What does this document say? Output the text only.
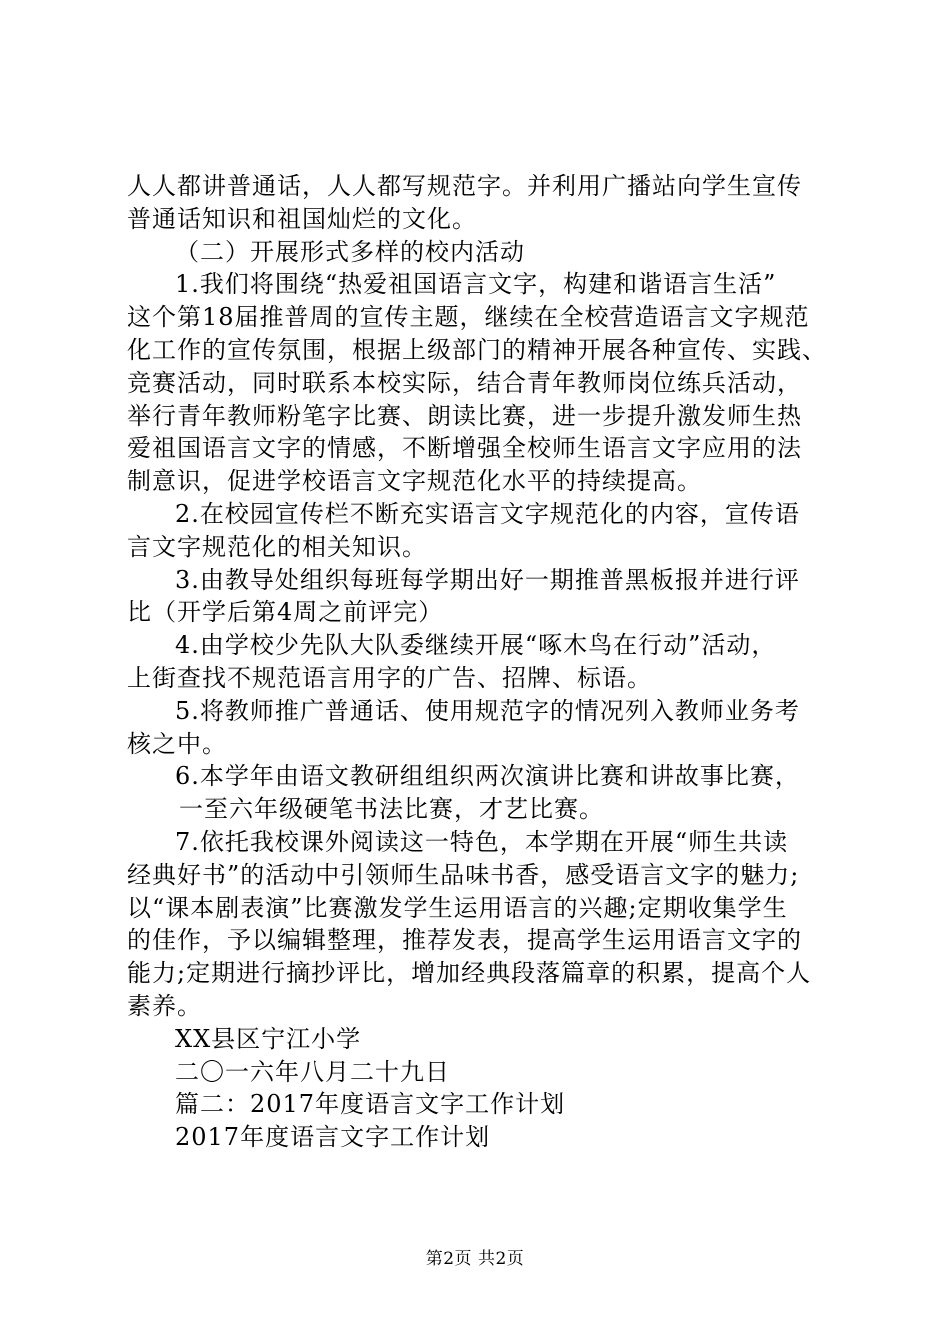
人人都讲普通话，人人都写规范字。并利用广播站向学生宣传
普通话知识和祖国灿烂的文化。
（二）开展形式多样的校内活动
1.我们将围绕“热爱祖国语言文字，构建和谐语言生活”
这个第18届推普周的宣传主题，继续在全校营造语言文字规范
化工作的宣传氛围，根据上级部门的精神开展各种宣传、实践、
竞赛活动，同时联系本校实际，结合青年教师岗位练兵活动，
举行青年教师粉笔字比赛、朗读比赛，进一步提升激发师生热
爱祖国语言文字的情感，不断增强全校师生语言文字应用的法
制意识，促进学校语言文字规范化水平的持续提高。
2.在校园宣传栏不断充实语言文字规范化的内容，宣传语
言文字规范化的相关知识。
3.由教导处组织每班每学期出好一期推普黑板报并进行评
比（开学后第4周之前评完）
4.由学校少先队大队委继续开展“啄木鸟在行动”活动，
上街查找不规范语言用字的广告、招牌、标语。
5.将教师推广普通话、使用规范字的情况列入教师业务考
核之中。
6.本学年由语文教研组组织两次演讲比赛和讲故事比赛，
一至六年级硬笔书法比赛，才艺比赛。
7.依托我校课外阅读这一特色，本学期在开展“师生共读
经典好书”的活动中引领师生品味书香，感受语言文字的魅力;
以“课本剧表演”比赛激发学生运用语言的兴趣;定期收集学生
的佳作，予以编辑整理，推荐发表，提高学生运用语言文字的
能力;定期进行摘抄评比，增加经典段落篇章的积累，提高个人
素养。
XX县区宁江小学
二〇一六年八月二十九日
篇二：2017年度语言文字工作计划
2017年度语言文字工作计划
第2页 共2页
